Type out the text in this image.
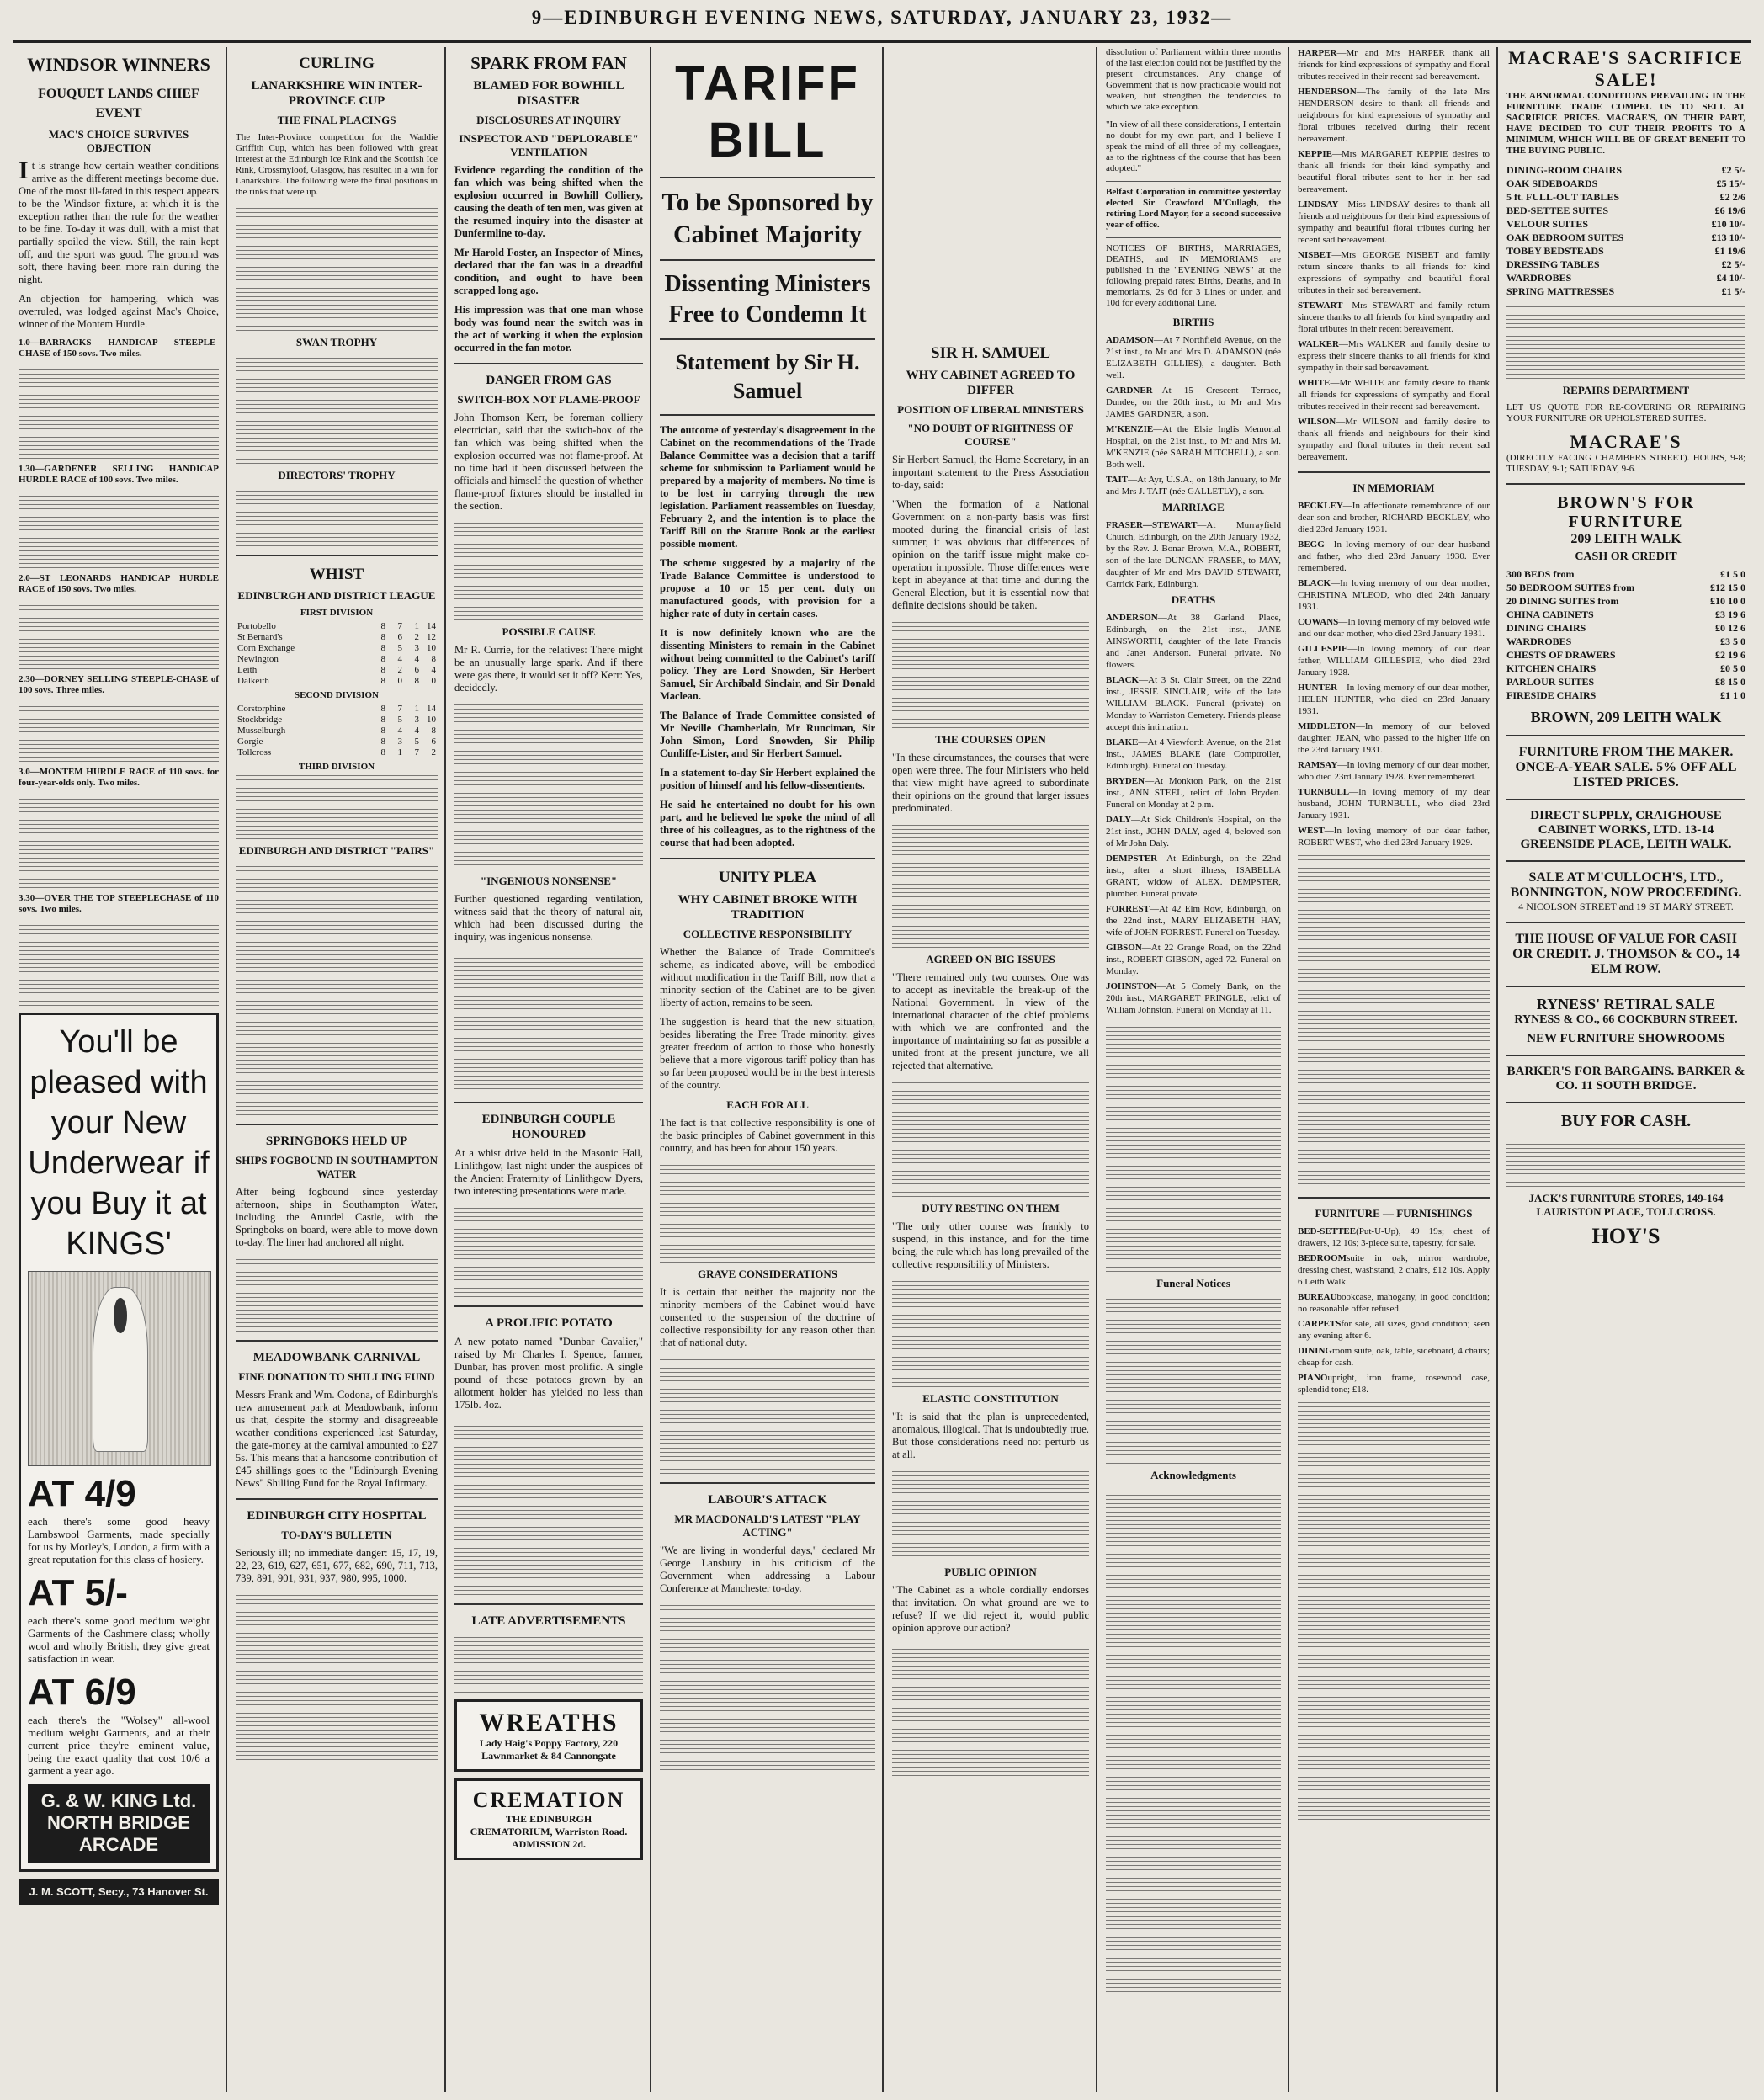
9—EDINBURGH EVENING NEWS, SATURDAY, JANUARY 23, 1932—
WINDSOR WINNERS
FOUQUET LANDS CHIEF EVENT
MAC'S CHOICE SURVIVES OBJECTION

It is strange how certain weather conditions arrive as the different meetings become due. One of the most ill-fated in this respect appears to be the Windsor fixture, at which it is the exception rather than the rule for the weather to be fine. To-day it was dull, with a mist that partially spoiled the view. Still, the rain kept off, and the sport was good. The ground was soft, there having been more rain during the night.

An objection for hampering, which was overruled, was lodged against Mac's Choice, winner of the Montem Hurdle.

1.0—BARRACKS HANDICAP STEEPLE-CHASE of 150 sovs. Two miles.

1.30—GARDENER SELLING HANDICAP HURDLE RACE of 100 sovs. Two miles.

2.0—ST LEONARDS HANDICAP HURDLE RACE of 150 sovs. Two miles.

2.30—DORNEY SELLING STEEPLE-CHASE of 100 sovs. Three miles.

3.0—MONTEM HURDLE RACE of 110 sovs. for four-year-olds only. Two miles.

3.30—OVER THE TOP STEEPLECHASE of 110 sovs. Two miles.

You'll be pleased with your New Underwear if you Buy it at KINGS'
AT 4/9

each there's some good heavy Lambswool Garments, made specially for us by Morley's, London, a firm with a great reputation for this class of hosiery.

AT 5/-

each there's some good medium weight Garments of the Cashmere class; wholly wool and wholly British, they give great satisfaction in wear.

AT 6/9

each there's the "Wolsey" all-wool medium weight Garments, and at their current price they're eminent value, being the exact quality that cost 10/6 a garment a year ago.

G. & W. KING Ltd. NORTH BRIDGE ARCADE
J. M. SCOTT, Secy., 73 Hanover St.
CURLING
LANARKSHIRE WIN INTER-PROVINCE CUP
THE FINAL PLACINGS

The Inter-Province competition for the Waddie Griffith Cup, which has been followed with great interest at the Edinburgh Ice Rink and the Scottish Ice Rink, Crossmyloof, Glasgow, has resulted in a win for Lanarkshire. The following were the final positions in the rinks that were up.

SWAN TROPHY
DIRECTORS' TROPHY
WHIST
EDINBURGH AND DISTRICT LEAGUE
FIRST DIVISION
Portobello	8	7	1	14
St Bernard's	8	6	2	12
Corn Exchange	8	5	3	10
Newington	8	4	4	8
Leith	8	2	6	4
Dalkeith	8	0	8	0
SECOND DIVISION
Corstorphine	8	7	1	14
Stockbridge	8	5	3	10
Musselburgh	8	4	4	8
Gorgie	8	3	5	6
Tollcross	8	1	7	2
THIRD DIVISION
EDINBURGH AND DISTRICT "PAIRS"
SPRINGBOKS HELD UP
SHIPS FOGBOUND IN SOUTHAMPTON WATER

After being fogbound since yesterday afternoon, ships in Southampton Water, including the Arundel Castle, with the Springboks on board, were able to move down to-day. The liner had anchored all night.

MEADOWBANK CARNIVAL
FINE DONATION TO SHILLING FUND

Messrs Frank and Wm. Codona, of Edinburgh's new amusement park at Meadowbank, inform us that, despite the stormy and disagreeable weather conditions experienced last Saturday, the gate-money at the carnival amounted to £27 5s. This means that a handsome contribution of £45 shillings goes to the "Edinburgh Evening News" Shilling Fund for the Royal Infirmary.

EDINBURGH CITY HOSPITAL
TO-DAY'S BULLETIN

Seriously ill; no immediate danger: 15, 17, 19, 22, 23, 619, 627, 651, 677, 682, 690, 711, 713, 739, 891, 901, 931, 937, 980, 995, 1000.

SPARK FROM FAN
BLAMED FOR BOWHILL DISASTER
DISCLOSURES AT INQUIRY
INSPECTOR AND "DEPLORABLE" VENTILATION

Evidence regarding the condition of the fan which was being shifted when the explosion occurred in Bowhill Colliery, causing the death of ten men, was given at the resumed inquiry into the disaster at Dunfermline to-day.

Mr Harold Foster, an Inspector of Mines, declared that the fan was in a dreadful condition, and ought to have been scrapped long ago.

His impression was that one man whose body was found near the switch was in the act of working it when the explosion occurred in the fan motor.

DANGER FROM GAS
SWITCH-BOX NOT FLAME-PROOF

John Thomson Kerr, be foreman colliery electrician, said that the switch-box of the fan which was being shifted when the explosion occurred was not flame-proof. At no time had it been discussed between the officials and himself the question of whether flame-proof fixtures should be installed in the section.

POSSIBLE CAUSE

Mr R. Currie, for the relatives: There might be an unusually large spark. And if there were gas there, it would set it off? Kerr: Yes, decidedly.

"INGENIOUS NONSENSE"

Further questioned regarding ventilation, witness said that the theory of natural air, which had been discussed during the inquiry, was ingenious nonsense.

EDINBURGH COUPLE HONOURED

At a whist drive held in the Masonic Hall, Linlithgow, last night under the auspices of the Ancient Fraternity of Linlithgow Dyers, two interesting presentations were made.

A PROLIFIC POTATO

A new potato named "Dunbar Cavalier," raised by Mr Charles I. Spence, farmer, Dunbar, has proven most prolific. A single pound of these potatoes grown by an allotment holder has yielded no less than 175lb. 4oz.

LATE ADVERTISEMENTS
WREATHS
Lady Haig's Poppy Factory, 220 Lawnmarket & 84 Cannongate
CREMATION
THE EDINBURGH CREMATORIUM, Warriston Road. ADMISSION 2d.
TARIFF BILL
To be Sponsored by Cabinet Majority
Dissenting Ministers Free to Condemn It
Statement by Sir H. Samuel

The outcome of yesterday's disagreement in the Cabinet on the recommendations of the Trade Balance Committee was a decision that a tariff scheme for submission to Parliament would be prepared by a majority of members. No time is to be lost in carrying through the new legislation. Parliament reassembles on Tuesday, February 2, and the intention is to place the Tariff Bill on the Statute Book at the earliest possible moment.

The scheme suggested by a majority of the Trade Balance Committee is understood to propose a 10 or 15 per cent. duty on manufactured goods, with provision for a higher rate of duty in certain cases.

It is now definitely known who are the dissenting Ministers to remain in the Cabinet without being committed to the Cabinet's tariff policy. They are Lord Snowden, Sir Herbert Samuel, Sir Archibald Sinclair, and Sir Donald Maclean.

The Balance of Trade Committee consisted of Mr Neville Chamberlain, Mr Runciman, Sir John Simon, Lord Snowden, Sir Philip Cunliffe-Lister, and Sir Herbert Samuel.

In a statement to-day Sir Herbert explained the position of himself and his fellow-dissentients.

He said he entertained no doubt for his own part, and he believed he spoke the mind of all three of his colleagues, as to the rightness of the course that had been adopted.

UNITY PLEA
WHY CABINET BROKE WITH TRADITION
COLLECTIVE RESPONSIBILITY

Whether the Balance of Trade Committee's scheme, as indicated above, will be embodied without modification in the Tariff Bill, now that a minority section of the Cabinet are to be given liberty of action, remains to be seen.

The suggestion is heard that the new situation, besides liberating the Free Trade minority, gives greater freedom of action to those who honestly believe that a more vigorous tariff policy than has so far been proposed would be in the best interests of the country.

EACH FOR ALL

The fact is that collective responsibility is one of the basic principles of Cabinet government in this country, and has been for about 150 years.

GRAVE CONSIDERATIONS

It is certain that neither the majority nor the minority members of the Cabinet would have consented to the suspension of the doctrine of collective responsibility for any reason other than that of national duty.

LABOUR'S ATTACK
MR MACDONALD'S LATEST "PLAY ACTING"

"We are living in wonderful days," declared Mr George Lansbury in his criticism of the Government when addressing a Labour Conference at Manchester to-day.

SIR H. SAMUEL
WHY CABINET AGREED TO DIFFER
POSITION OF LIBERAL MINISTERS
"NO DOUBT OF RIGHTNESS OF COURSE"

Sir Herbert Samuel, the Home Secretary, in an important statement to the Press Association to-day, said:

"When the formation of a National Government on a non-party basis was first mooted during the financial crisis of last summer, it was obvious that differences of opinion on the tariff issue might make co-operation impossible. Those differences were kept in abeyance at that time and during the General Election, but it is essential now that definite decisions should be taken.

THE COURSES OPEN

"In these circumstances, the courses that were open were three. The four Ministers who held that view might have agreed to subordinate their opinions on the ground that larger issues predominated.

AGREED ON BIG ISSUES

"There remained only two courses. One was to accept as inevitable the break-up of the National Government. In view of the international character of the chief problems with which we are confronted and the importance of maintaining so far as possible a united front at the present juncture, we all rejected that alternative.

DUTY RESTING ON THEM

"The only other course was frankly to suspend, in this instance, and for the time being, the rule which has long prevailed of the collective responsibility of Ministers.

ELASTIC CONSTITUTION

"It is said that the plan is unprecedented, anomalous, illogical. That is undoubtedly true. But those considerations need not perturb us at all.

PUBLIC OPINION

"The Cabinet as a whole cordially endorses that invitation. On what ground are we to refuse? If we did reject it, would public opinion approve our action?

dissolution of Parliament within three months of the last election could not be justified by the present circumstances. Any change of Government that is now practicable would not weaken, but strengthen the tendencies to which we take exception.

"In view of all these considerations, I entertain no doubt for my own part, and I believe I speak the mind of all three of my colleagues, as to the rightness of the course that has been adopted."

Belfast Corporation in committee yesterday elected Sir Crawford M'Cullagh, the retiring Lord Mayor, for a second successive year of office.

NOTICES OF BIRTHS, MARRIAGES, DEATHS, and IN MEMORIAMS are published in the "EVENING NEWS" at the following prepaid rates: Births, Deaths, and In memoriams, 2s 6d for 3 Lines or under, and 10d for every additional Line.

BIRTHS
ADAMSON—At 7 Northfield Avenue, on the 21st inst., to Mr and Mrs D. ADAMSON (née ELIZABETH GILLIES), a daughter. Both well.
GARDNER—At 15 Crescent Terrace, Dundee, on the 20th inst., to Mr and Mrs JAMES GARDNER, a son.
M'KENZIE—At the Elsie Inglis Memorial Hospital, on the 21st inst., to Mr and Mrs M. M'KENZIE (née SARAH MITCHELL), a son. Both well.
TAIT—At Ayr, U.S.A., on 18th January, to Mr and Mrs J. TAIT (née GALLETLY), a son.
MARRIAGE
FRASER—STEWART—At Murrayfield Church, Edinburgh, on the 20th January 1932, by the Rev. J. Bonar Brown, M.A., ROBERT, son of the late DUNCAN FRASER, to MAY, daughter of Mr and Mrs DAVID STEWART, Carrick Park, Edinburgh.
DEATHS
ANDERSON—At 38 Garland Place, Edinburgh, on the 21st inst., JANE AINSWORTH, daughter of the late Francis and Janet Anderson. Funeral private. No flowers.
BLACK—At 3 St. Clair Street, on the 22nd inst., JESSIE SINCLAIR, wife of the late WILLIAM BLACK. Funeral (private) on Monday to Warriston Cemetery. Friends please accept this intimation.
BLAKE—At 4 Viewforth Avenue, on the 21st inst., JAMES BLAKE (late Comptroller, Edinburgh). Funeral on Tuesday.
BRYDEN—At Monkton Park, on the 21st inst., ANN STEEL, relict of John Bryden. Funeral on Monday at 2 p.m.
DALY—At Sick Children's Hospital, on the 21st inst., JOHN DALY, aged 4, beloved son of Mr John Daly.
DEMPSTER—At Edinburgh, on the 22nd inst., after a short illness, ISABELLA GRANT, widow of ALEX. DEMPSTER, plumber. Funeral private.
FORREST—At 42 Elm Row, Edinburgh, on the 22nd inst., MARY ELIZABETH HAY, wife of JOHN FORREST. Funeral on Tuesday.
GIBSON—At 22 Grange Road, on the 22nd inst., ROBERT GIBSON, aged 72. Funeral on Monday.
JOHNSTON—At 5 Comely Bank, on the 20th inst., MARGARET PRINGLE, relict of William Johnston. Funeral on Monday at 11.
Funeral Notices
Acknowledgments
HARPER—Mr and Mrs HARPER thank all friends for kind expressions of sympathy and floral tributes received in their recent sad bereavement.
HENDERSON—The family of the late Mrs HENDERSON desire to thank all friends and neighbours for kind expressions of sympathy and floral tributes received during their recent bereavement.
KEPPIE—Mrs MARGARET KEPPIE desires to thank all friends for their kind sympathy and beautiful floral tributes sent to her in her sad bereavement.
LINDSAY—Miss LINDSAY desires to thank all friends and neighbours for their kind expressions of sympathy and beautiful floral tributes during her recent sad bereavement.
NISBET—Mrs GEORGE NISBET and family return sincere thanks to all friends for kind expressions of sympathy and beautiful floral tributes in their sad bereavement.
STEWART—Mrs STEWART and family return sincere thanks to all friends for kind sympathy and floral tributes in their recent bereavement.
WALKER—Mrs WALKER and family desire to express their sincere thanks to all friends for kind sympathy in their sad bereavement.
WHITE—Mr WHITE and family desire to thank all friends for expressions of sympathy and floral tributes received in their recent sad bereavement.
WILSON—Mr WILSON and family desire to thank all friends and neighbours for their kind sympathy and floral tributes in their recent sad bereavement.
IN MEMORIAM
BECKLEY—In affectionate remembrance of our dear son and brother, RICHARD BECKLEY, who died 23rd January 1931.
BEGG—In loving memory of our dear husband and father, who died 23rd January 1930. Ever remembered.
BLACK—In loving memory of our dear mother, CHRISTINA M'LEOD, who died 24th January 1931.
COWANS—In loving memory of my beloved wife and our dear mother, who died 23rd January 1931.
GILLESPIE—In loving memory of our dear father, WILLIAM GILLESPIE, who died 23rd January 1928.
HUNTER—In loving memory of our dear mother, HELEN HUNTER, who died on 23rd January 1931.
MIDDLETON—In memory of our beloved daughter, JEAN, who passed to the higher life on the 23rd January 1931.
RAMSAY—In loving memory of our dear mother, who died 23rd January 1928. Ever remembered.
TURNBULL—In loving memory of my dear husband, JOHN TURNBULL, who died 23rd January 1931.
WEST—In loving memory of our dear father, ROBERT WEST, who died 23rd January 1929.
FURNITURE — FURNISHINGS
BED-SETTEE(Put-U-Up), 49 19s; chest of drawers, 12 10s; 3-piece suite, tapestry, for sale.
BEDROOMsuite in oak, mirror wardrobe, dressing chest, washstand, 2 chairs, £12 10s. Apply 6 Leith Walk.
BUREAUbookcase, mahogany, in good condition; no reasonable offer refused.
CARPETSfor sale, all sizes, good condition; seen any evening after 6.
DININGroom suite, oak, table, sideboard, 4 chairs; cheap for cash.
PIANOupright, iron frame, rosewood case, splendid tone; £18.
MACRAE'S SACRIFICE SALE!

THE ABNORMAL CONDITIONS PREVAILING IN THE FURNITURE TRADE COMPEL US TO SELL AT SACRIFICE PRICES. MACRAE'S, ON THEIR PART, HAVE DECIDED TO CUT THEIR PROFITS TO A MINIMUM, WHICH WILL BE OF GREAT BENEFIT TO THE BUYING PUBLIC.

DINING-ROOM CHAIRS	£2 5/-
OAK SIDEBOARDS	£5 15/-
5 ft. FULL-OUT TABLES	£2 2/6
BED-SETTEE SUITES	£6 19/6
VELOUR SUITES	£10 10/-
OAK BEDROOM SUITES	£13 10/-
TOBEY BEDSTEADS	£1 19/6
DRESSING TABLES	£2 5/-
WARDROBES	£4 10/-
SPRING MATTRESSES	£1 5/-
REPAIRS DEPARTMENT

LET US QUOTE FOR RE-COVERING OR REPAIRING YOUR FURNITURE OR UPHOLSTERED SUITES.

MACRAE'S

(DIRECTLY FACING CHAMBERS STREET). HOURS, 9-8; TUESDAY, 9-1; SATURDAY, 9-6.

BROWN'S FOR FURNITURE
209 LEITH WALK
CASH OR CREDIT
300 BEDS from	£1 5 0
50 BEDROOM SUITES from	£12 15 0
20 DINING SUITES from	£10 10 0
CHINA CABINETS	£3 19 6
DINING CHAIRS	£0 12 6
WARDROBES	£3 5 0
CHESTS OF DRAWERS	£2 19 6
KITCHEN CHAIRS	£0 5 0
PARLOUR SUITES	£8 15 0
FIRESIDE CHAIRS	£1 1 0
BROWN, 209 LEITH WALK
FURNITURE FROM THE MAKER. ONCE-A-YEAR SALE. 5% OFF ALL LISTED PRICES.
DIRECT SUPPLY, CRAIGHOUSE CABINET WORKS, LTD. 13-14 GREENSIDE PLACE, LEITH WALK.
SALE AT M'CULLOCH'S, LTD., BONNINGTON, NOW PROCEEDING.
4 NICOLSON STREET and 19 ST MARY STREET.
THE HOUSE OF VALUE FOR CASH OR CREDIT. J. THOMSON & CO., 14 ELM ROW.
RYNESS' RETIRAL SALE
RYNESS & CO., 66 COCKBURN STREET.
NEW FURNITURE SHOWROOMS
BARKER'S FOR BARGAINS. BARKER & CO. 11 SOUTH BRIDGE.
BUY FOR CASH.
JACK'S FURNITURE STORES, 149-164 LAURISTON PLACE, TOLLCROSS.
HOY'S
